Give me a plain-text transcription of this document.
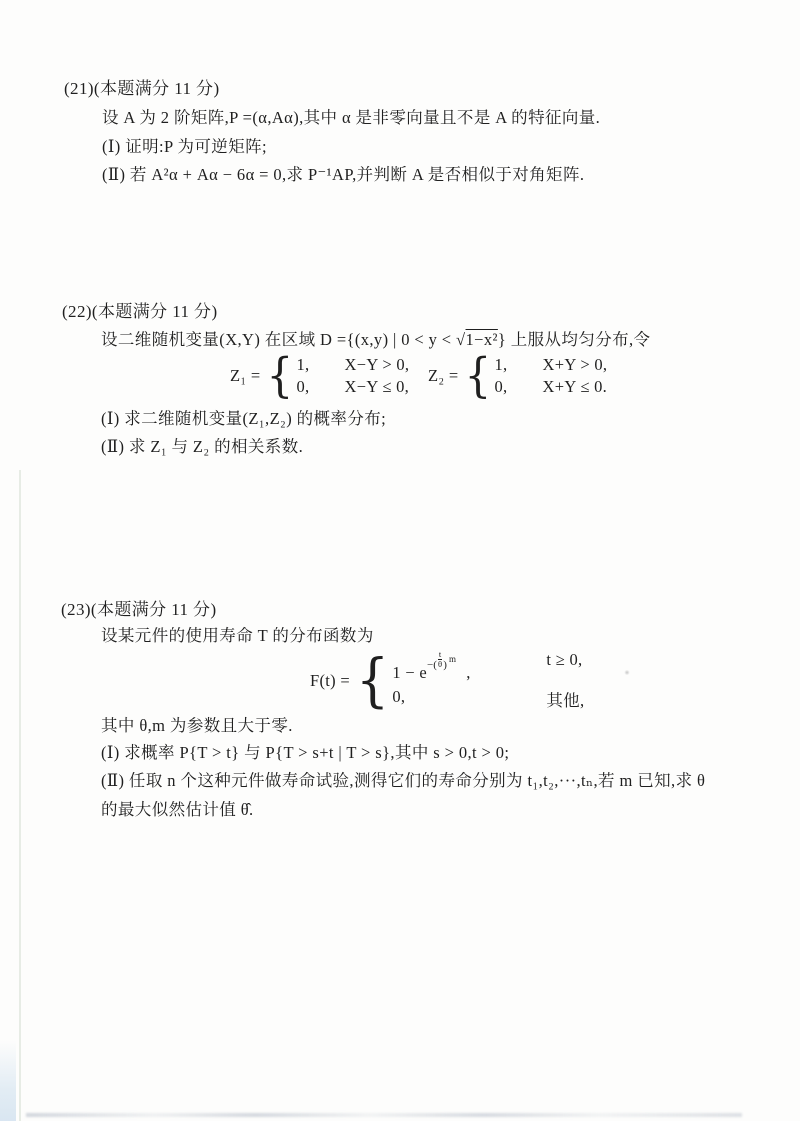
(21)(本题满分 11 分)
设 A 为 2 阶矩阵,P =(α,Aα),其中 α 是非零向量且不是 A 的特征向量.
(Ⅰ) 证明:P 为可逆矩阵;
(Ⅱ) 若 A²α + Aα − 6α = 0,求 P⁻¹AP,并判断 A 是否相似于对角矩阵.
(22)(本题满分 11 分)
设二维随机变量(X,Y) 在区域 D ={(x,y) | 0 < y < √1−x²} 上服从均匀分布,令
Z₁ = { 1,	X−Y > 0,
0,	X−Y ≤ 0,
Z₂ = { 1,	X+Y > 0,
0,	X+Y ≤ 0.
(Ⅰ) 求二维随机变量(Z₁,Z₂) 的概率分布;
(Ⅱ) 求 Z₁ 与 Z₂ 的相关系数.
(23)(本题满分 11 分)
设某元件的使用寿命 T 的分布函数为
F(t) = { $1 - e^{-( \frac{t}{\theta} )}$ $^m$,
t ≥ 0,
0,	其他,
其中 θ,m 为参数且大于零.
(Ⅰ) 求概率 P{T > t} 与 P{T > s+t | T > s},其中 s > 0,t > 0;
(Ⅱ) 任取 n 个这种元件做寿命试验,测得它们的寿命分别为 t₁,t₂,···,tₙ,若 m 已知,求 θ
的最大似然估计值 θ̂.
